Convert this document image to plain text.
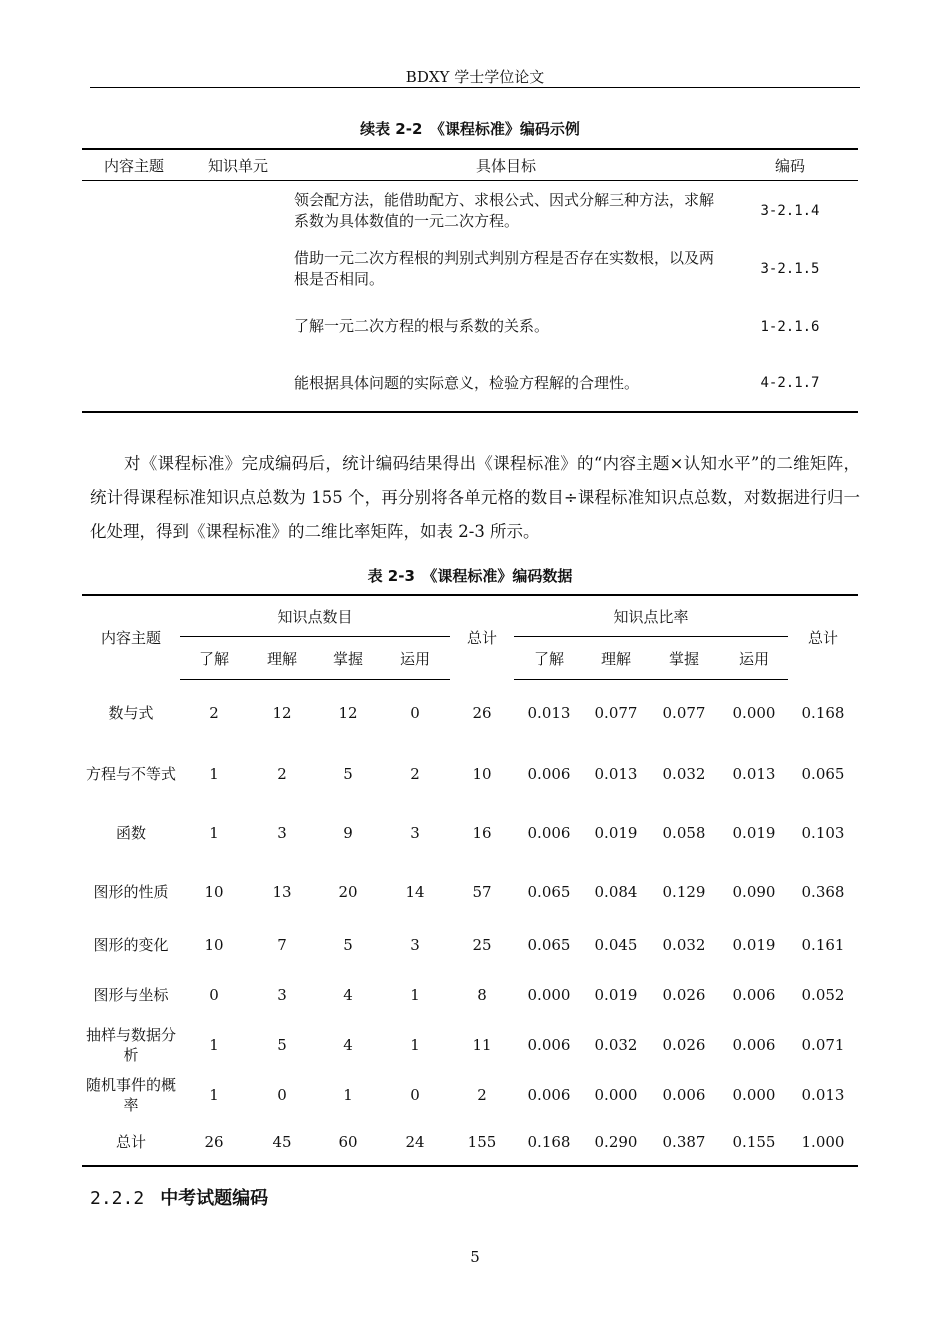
BDXY 学士学位论文
续表 2-2　《课程标准》编码示例
内容主题	知识单元	具体目标	编码
		领会配方法，能借助配方、求根公式、因式分解三种方法，求解系数为具体数值的一元二次方程。	3-2.1.4
		借助一元二次方程根的判别式判别方程是否存在实数根，以及两根是否相同。	3-2.1.5
		了解一元二次方程的根与系数的关系。	1-2.1.6
		能根据具体问题的实际意义，检验方程解的合理性。	4-2.1.7
对《课程标准》完成编码后，统计编码结果得出《课程标准》的“内容主题×认知水平”的二维矩阵，统计得课程标准知识点总数为 155 个，再分别将各单元格的数目÷课程标准知识点总数，对数据进行归一化处理，得到《课程标准》的二维比率矩阵，如表 2-3 所示。
表 2-3　《课程标准》编码数据
内容主题	知识点数目				总计	知识点比率				总计
	了解	理解	掌握	运用		了解	理解	掌握	运用	
数与式	2	12	12	0	26	0.013	0.077	0.077	0.000	0.168
方程与不等式	1	2	5	2	10	0.006	0.013	0.032	0.013	0.065
函数	1	3	9	3	16	0.006	0.019	0.058	0.019	0.103
图形的性质	10	13	20	14	57	0.065	0.084	0.129	0.090	0.368
图形的变化	10	7	5	3	25	0.065	0.045	0.032	0.019	0.161
图形与坐标	0	3	4	1	8	0.000	0.019	0.026	0.006	0.052
抽样与数据分析	1	5	4	1	11	0.006	0.032	0.026	0.006	0.071
随机事件的概率	1	0	1	0	2	0.006	0.000	0.006	0.000	0.013
总计	26	45	60	24	155	0.168	0.290	0.387	0.155	1.000
2.2.2 中考试题编码
5
